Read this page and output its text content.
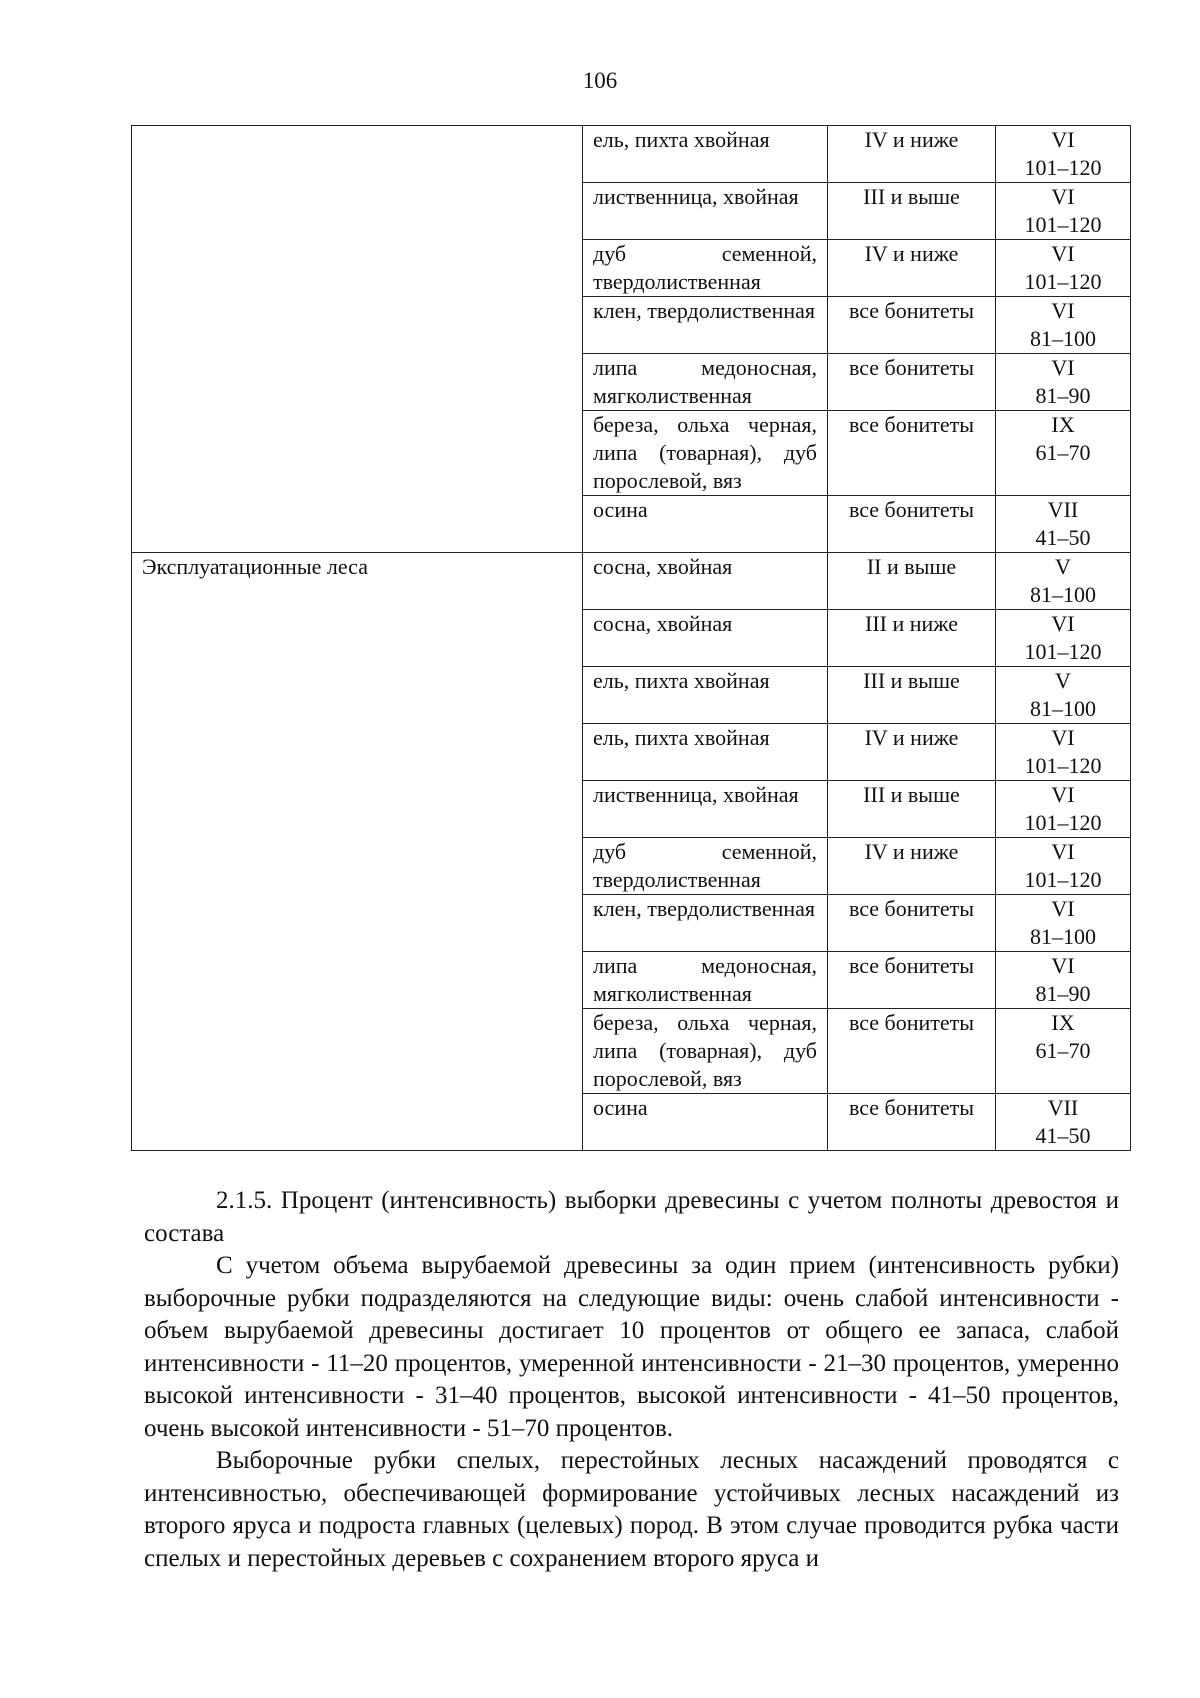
106
	ель, пихта хвойная	IV и ниже	VI
101–120

	лиственница, хвойная	III и выше	VI
101–120

	дуб семенной, твердолиственная	IV и ниже	VI
101–120

	клен, твердолиственная	все бонитеты	VI
81–100

	липа медоносная, мягколиственная	все бонитеты	VI
81–90

	береза, ольха черная, липа (товарная), дуб порослевой, вяз	все бонитеты	IX
61–70

	осина	все бонитеты	VII
41–50

Эксплуатационные леса	сосна, хвойная	II и выше	V
81–100

	сосна, хвойная	III и ниже	VI
101–120

	ель, пихта хвойная	III и выше	V
81–100

	ель, пихта хвойная	IV и ниже	VI
101–120

	лиственница, хвойная	III и выше	VI
101–120

	дуб семенной, твердолиственная	IV и ниже	VI
101–120

	клен, твердолиственная	все бонитеты	VI
81–100

	липа медоносная, мягколиственная	все бонитеты	VI
81–90

	береза, ольха черная, липа (товарная), дуб порослевой, вяз	все бонитеты	IX
61–70

	осина	все бонитеты	VII
41–50

2.1.5. Процент (интенсивность) выборки древесины с учетом полноты древостоя и состава

С учетом объема вырубаемой древесины за один прием (интенсивность рубки) выборочные рубки подразделяются на следующие виды: очень слабой интенсивности - объем вырубаемой древесины достигает 10 процентов от общего ее запаса, слабой интенсивности - 11–20 процентов, умеренной интенсивности - 21–30 процентов, умеренно высокой интенсивности - 31–40 процентов, высокой интенсивности - 41–50 процентов, очень высокой интенсивности - 51–70 процентов.

Выборочные рубки спелых, перестойных лесных насаждений проводятся с интенсивностью, обеспечивающей формирование устойчивых лесных насаждений из второго яруса и подроста главных (целевых) пород. В этом случае проводится рубка части спелых и перестойных деревьев с сохранением второго яруса и
